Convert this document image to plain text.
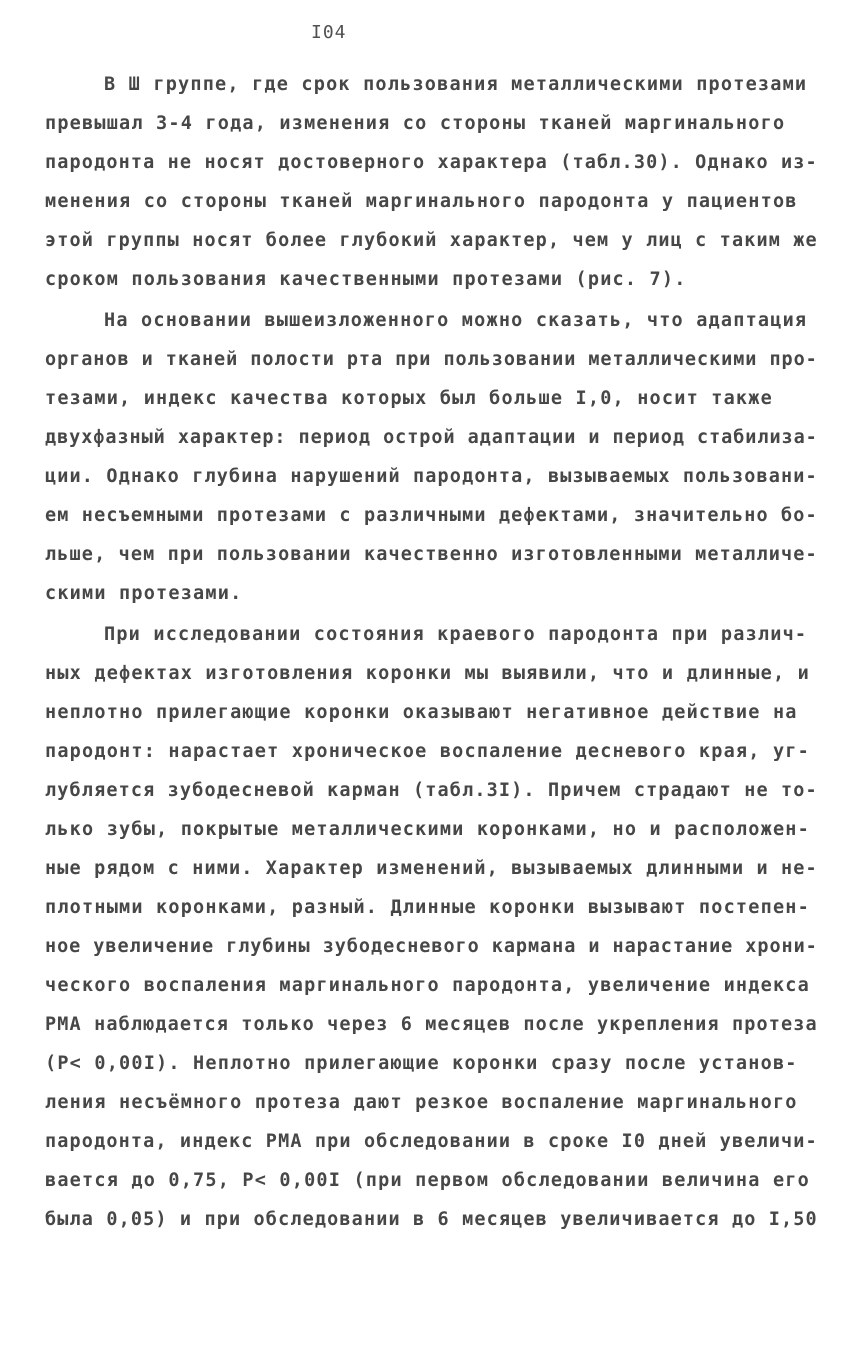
I04
В Ш группе, где срок пользования металлическими протезами
превышал 3-4 года, изменения со стороны тканей маргинального
пародонта не носят достоверного характера (табл.30). Однако из-
менения со стороны тканей маргинального пародонта у пациентов
этой группы носят более глубокий характер, чем у лиц с таким же
сроком пользования качественными протезами (рис. 7).
На основании вышеизложенного можно сказать, что адаптация
органов и тканей полости рта при пользовании металлическими про-
тезами, индекс качества которых был больше I,0, носит также
двухфазный характер: период острой адаптации и период стабилиза-
ции. Однако глубина нарушений пародонта, вызываемых пользовани-
ем несъемными протезами с различными дефектами, значительно бо-
льше, чем при пользовании качественно изготовленными металличе-
скими протезами.
При исследовании состояния краевого пародонта при различ-
ных дефектах изготовления коронки мы выявили, что и длинные, и
неплотно прилегающие коронки оказывают негативное действие на
пародонт: нарастает хроническое воспаление десневого края, уг-
лубляется зубодесневой карман (табл.3I). Причем страдают не то-
лько зубы, покрытые металлическими коронками, но и расположен-
ные рядом с ними. Характер изменений, вызываемых длинными и не-
плотными коронками, разный. Длинные коронки вызывают постепен-
ное увеличение глубины зубодесневого кармана и нарастание хрони-
ческого воспаления маргинального пародонта, увеличение индекса
РМА наблюдается только через 6 месяцев после укрепления протеза
(Р< 0,00I). Неплотно прилегающие коронки сразу после установ-
ления несъёмного протеза дают резкое воспаление маргинального
пародонта, индекс РМА при обследовании в сроке I0 дней увеличи-
вается до 0,75, Р< 0,00I (при первом обследовании величина его
была 0,05) и при обследовании в 6 месяцев увеличивается до I,50
